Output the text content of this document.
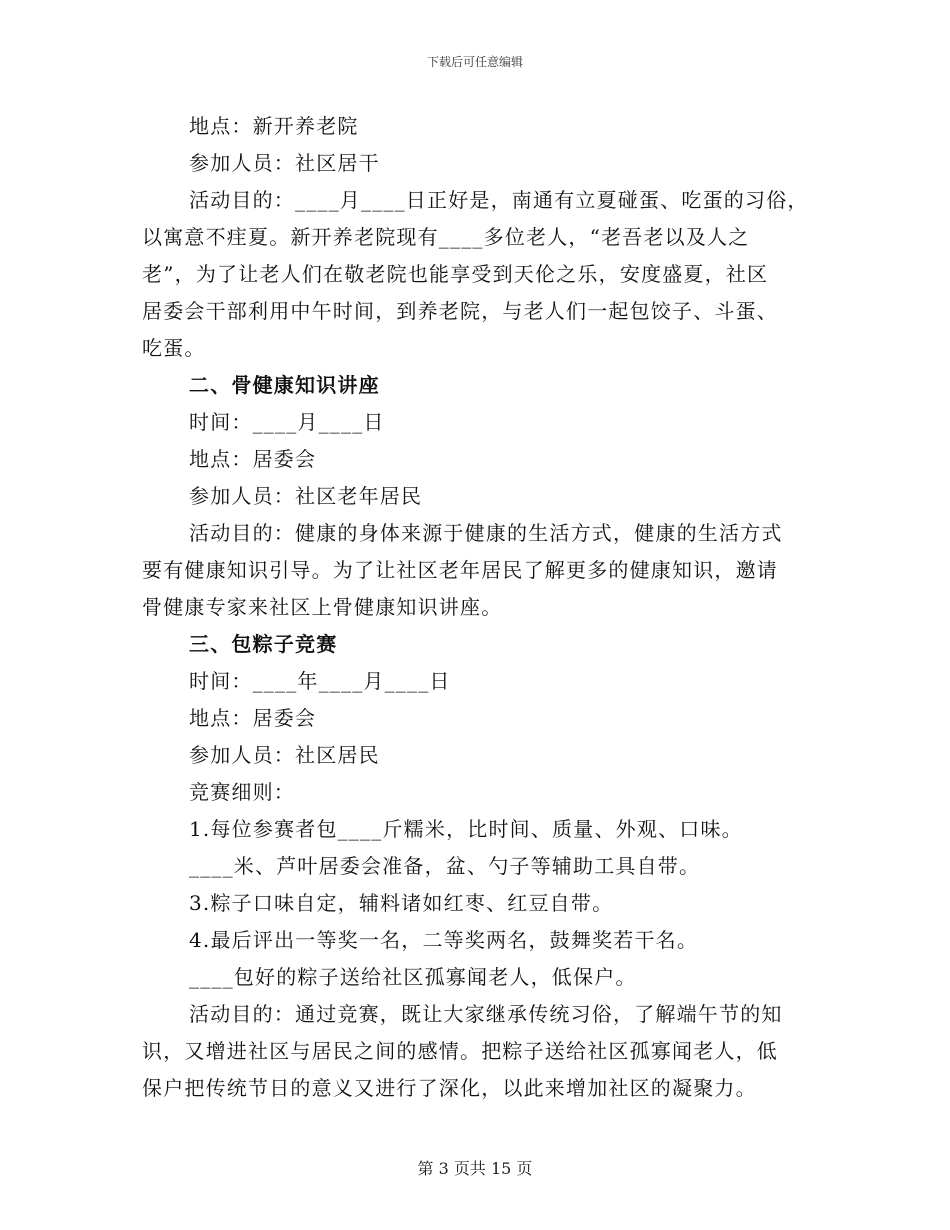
下载后可任意编辑
地点：新开养老院
参加人员：社区居干
活动目的：____月____日正好是，南通有立夏碰蛋、吃蛋的习俗，
以寓意不疰夏。新开养老院现有____多位老人，“老吾老以及人之
老”，为了让老人们在敬老院也能享受到天伦之乐，安度盛夏，社区
居委会干部利用中午时间，到养老院，与老人们一起包饺子、斗蛋、
吃蛋。
二、骨健康知识讲座
时间：____月____日
地点：居委会
参加人员：社区老年居民
活动目的：健康的身体来源于健康的生活方式，健康的生活方式
要有健康知识引导。为了让社区老年居民了解更多的健康知识，邀请
骨健康专家来社区上骨健康知识讲座。
三、包粽子竞赛
时间：____年____月____日
地点：居委会
参加人员：社区居民
竞赛细则：
1.每位参赛者包____斤糯米，比时间、质量、外观、口味。
____米、芦叶居委会准备，盆、勺子等辅助工具自带。
3.粽子口味自定，辅料诸如红枣、红豆自带。
4.最后评出一等奖一名，二等奖两名，鼓舞奖若干名。
____包好的粽子送给社区孤寡闻老人，低保户。
活动目的：通过竞赛，既让大家继承传统习俗，了解端午节的知
识，又增进社区与居民之间的感情。把粽子送给社区孤寡闻老人，低
保户把传统节日的意义又进行了深化，以此来增加社区的凝聚力。
第 3 页共 15 页
